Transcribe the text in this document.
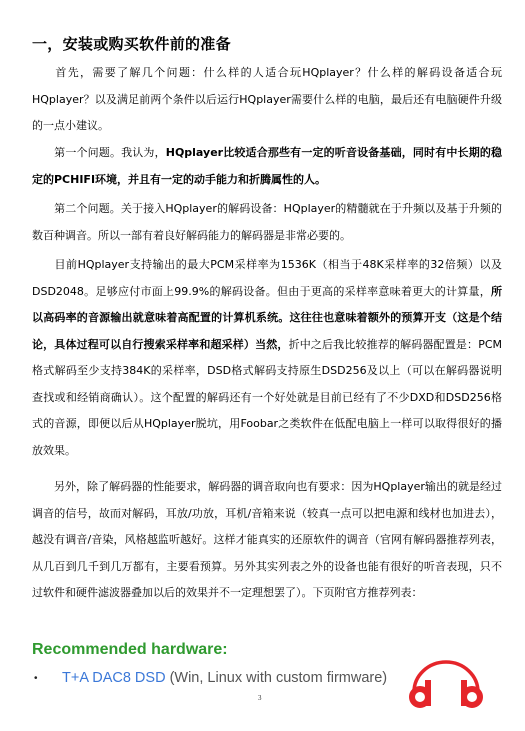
一，安装或购买软件前的准备
首先，需要了解几个问题：什么样的人适合玩HQplayer？什么样的解码设备适合玩HQplayer？以及满足前两个条件以后运行HQplayer需要什么样的电脑，最后还有电脑硬件升级的一点小建议。
第一个问题。我认为，HQplayer比较适合那些有一定的听音设备基础，同时有中长期的稳定的PCHIFI环境，并且有一定的动手能力和折腾属性的人。
第二个问题。关于接入HQplayer的解码设备：HQplayer的精髓就在于升频以及基于升频的数百种调音。所以一部有着良好解码能力的解码器是非常必要的。
目前HQplayer支持输出的最大PCM采样率为1536K（相当于48K采样率的32倍频）以及DSD2048。足够应付市面上99.9%的解码设备。但由于更高的采样率意味着更大的计算量，所以高码率的音源输出就意味着高配置的计算机系统。这往往也意味着额外的预算开支（这是个结论，具体过程可以自行搜索采样率和超采样）当然，折中之后我比较推荐的解码器配置是：PCM格式解码至少支持384K的采样率，DSD格式解码支持原生DSD256及以上（可以在解码器说明查找或和经销商确认）。这个配置的解码还有一个好处就是目前已经有了不少DXD和DSD256格式的音源，即便以后从HQplayer脱坑，用Foobar之类软件在低配电脑上一样可以取得很好的播放效果。
另外，除了解码器的性能要求，解码器的调音取向也有要求：因为HQplayer输出的就是经过调音的信号，故而对解码，耳放/功放，耳机/音箱来说（较真一点可以把电源和线材也加进去），越没有调音/音染，风格越监听越好。这样才能真实的还原软件的调音（官网有解码器推荐列表，从几百到几千到几万都有，主要看预算。另外其实列表之外的设备也能有很好的听音表现，只不过软件和硬件滤波器叠加以后的效果并不一定理想罢了）。下页附官方推荐列表：
Recommended hardware:
• T+A DAC8 DSD (Win, Linux with custom firmware)
3
